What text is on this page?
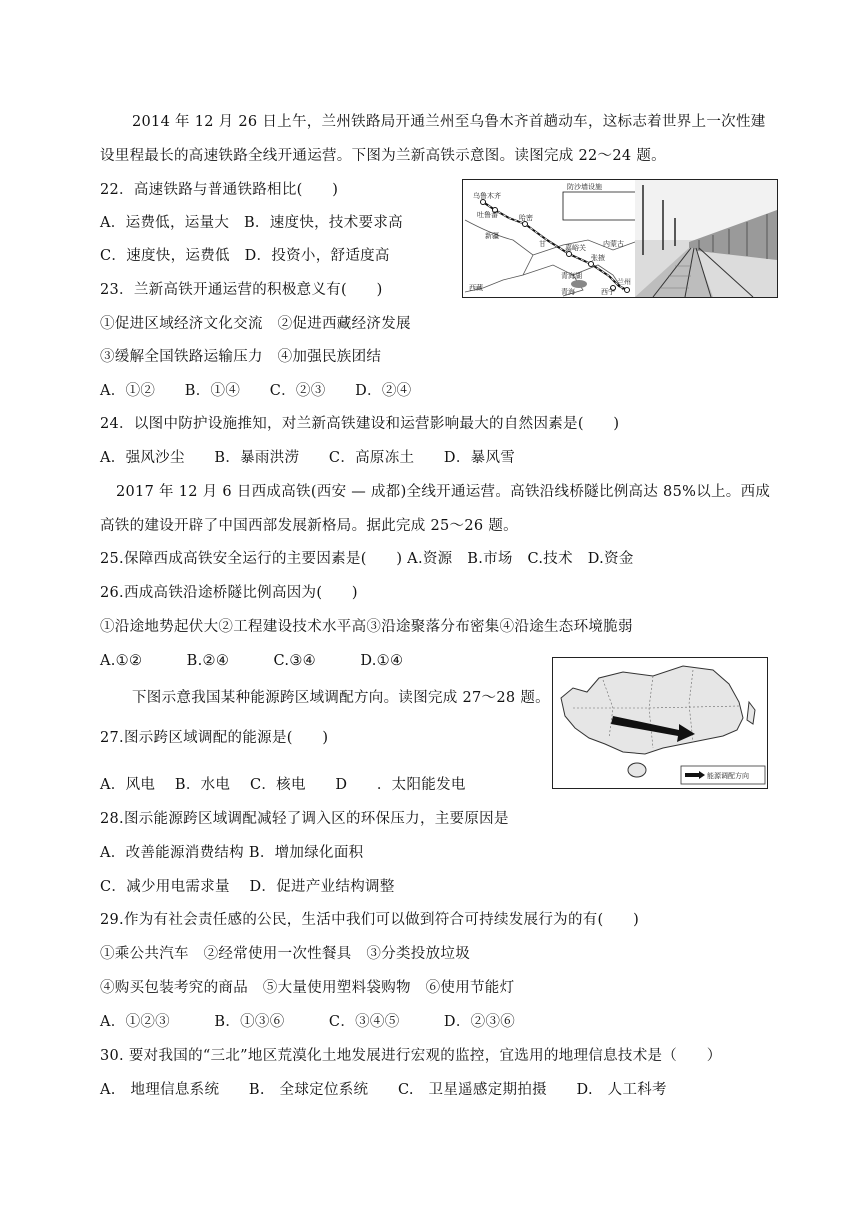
2014 年 12 月 26 日上午，兰州铁路局开通兰州至乌鲁木齐首趟动车，这标志着世界上一次性建
设里程最长的高速铁路全线开通运营。下图为兰新高铁示意图。读图完成 22～24 题。
22．高速铁路与普通铁路相比(　　)
A．运费低，运量大　B．速度快，技术要求高
C．速度快，运费低　D．投资小，舒适度高
23．兰新高铁开通运营的积极意义有(　　)
①促进区域经济文化交流　②促进西藏经济发展
③缓解全国铁路运输压力　④加强民族团结
A．①②　　B．①④　　C．②③　　D．②④
24．以图中防护设施推知，对兰新高铁建设和运营影响最大的自然因素是(　　)
A．强风沙尘　　B．暴雨洪涝　　C．高原冻土　　D．暴风雪
2017 年 12 月 6 日西成高铁(西安 — 成都)全线开通运营。高铁沿线桥隧比例高达 85%以上。西成
高铁的建设开辟了中国西部发展新格局。据此完成 25～26 题。
25.保障西成高铁安全运行的主要因素是(　　) A.资源　B.市场　C.技术　D.资金
26.西成高铁沿途桥隧比例高因为(　　)
①沿途地势起伏大②工程建设技术水平高③沿途聚落分布密集④沿途生态环境脆弱
A.①②　　　B.②④　　　C.③④　　　D.①④
下图示意我国某种能源跨区域调配方向。读图完成 27～28 题。
27.图示跨区域调配的能源是(　　)
A．风电　 B．水电　 C．核电　　D　　．太阳能发电
28.图示能源跨区域调配减轻了调入区的环保压力，主要原因是
A．改善能源消费结构 B．增加绿化面积
C．减少用电需求量　 D．促进产业结构调整
29.作为有社会责任感的公民，生活中我们可以做到符合可持续发展行为的有(　　)
①乘公共汽车　②经常使用一次性餐具　③分类投放垃圾
④购买包装考究的商品　⑤大量使用塑料袋购物　⑥使用节能灯
A．①②③　　　B．①③⑥　　　C．③④⑤　　　D．②③⑥
30. 要对我国的“三北”地区荒漠化土地发展进行宏观的监控，宜选用的地理信息技术是（　　）
A.　地理信息系统　　B.　全球定位系统　　C.　卫星遥感定期拍摄　　D.　人工科考
乌鲁木齐
吐鲁番	哈密
新疆
甘	嘉峪关
张掖
内蒙古
青海湖
青海
兰州
西宁
西藏
防沙墙设施
能源调配方向
